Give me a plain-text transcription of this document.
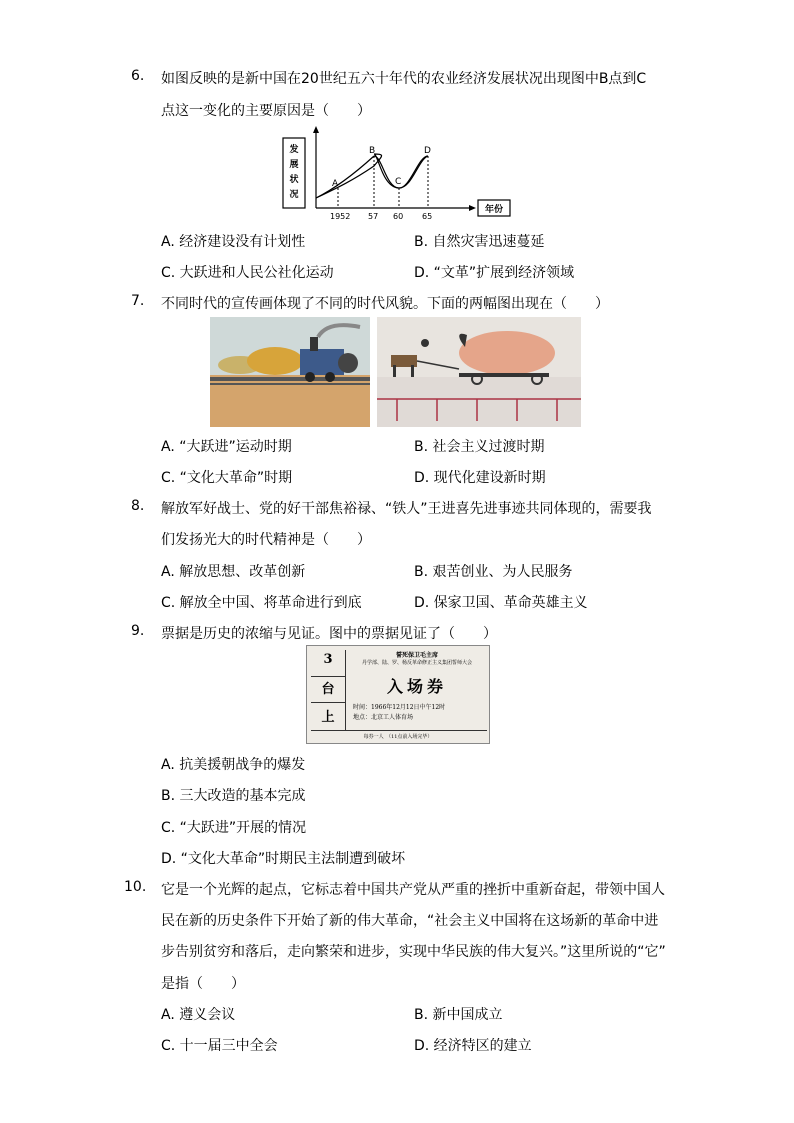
6. 如图反映的是新中国在20世纪五六十年代的农业经济发展状况出现图中B点到C
点这一变化的主要原因是（　　）
发
展
状
况
A
B
C
D
1952 57 60 65
年份
A. 经济建设没有计划性	B. 自然灾害迅速蔓延
C. 大跃进和人民公社化运动	D. “文革”扩展到经济领域
7. 不同时代的宣传画体现了不同的时代风貌。下面的两幅图出现在（　　）
A. “大跃进”运动时期	B. 社会主义过渡时期
C. “文化大革命”时期	D. 现代化建设新时期
8. 解放军好战士、党的好干部焦裕禄、“铁人”王进喜先进事迹共同体现的，需要我
们发扬光大的时代精神是（　　）
A. 解放思想、改革创新	B. 艰苦创业、为人民服务
C. 解放全中国、将革命进行到底	D. 保家卫国、革命英雄主义
9. 票据是历史的浓缩与见证。图中的票据见证了（　　）
3
台
上
誓死保卫毛主席
丹学部、陆、罗、杨反革命修正主义集团誓师大会
入场券
时间：1966年12月12日中午12时
地点：北京工人体育场
每券一人　（11点前入场完毕）
A. 抗美援朝战争的爆发
B. 三大改造的基本完成
C. “大跃进”开展的情况
D. “文化大革命”时期民主法制遭到破坏
10. 它是一个光辉的起点，它标志着中国共产党从严重的挫折中重新奋起，带领中国人
民在新的历史条件下开始了新的伟大革命，“社会主义中国将在这场新的革命中进
步告别贫穷和落后，走向繁荣和进步，实现中华民族的伟大复兴。”这里所说的“它”
是指（　　）
A. 遵义会议	B. 新中国成立
C. 十一届三中全会	D. 经济特区的建立
